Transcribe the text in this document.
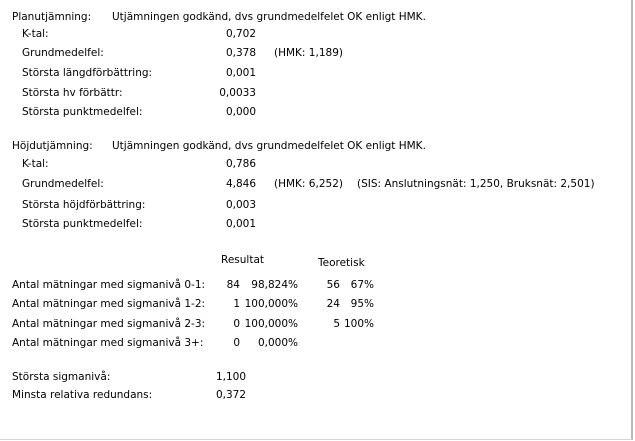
Planutjämning: Utjämningen godkänd, dvs grundmedelfelet OK enligt HMK.
K-tal:	0,702
Grundmedelfel:	0,378 (HMK: 1,189)
Största längdförbättring:	0,001
Största hv förbättr:	0,0033
Största punktmedelfel:	0,000
Höjdutjämning: Utjämningen godkänd, dvs grundmedelfelet OK enligt HMK.
K-tal:	0,786
Grundmedelfel:	4,846 (HMK: 6,252) (SIS: Anslutningsnät: 1,250, Bruksnät: 2,501)
Största höjdförbättring:	0,003
Största punktmedelfel:	0,001
Resultat	Teoretisk
Antal mätningar med sigmanivå 0-1:	84	98,824%	56	67%
Antal mätningar med sigmanivå 1-2:	1 100,000%	24	95%
Antal mätningar med sigmanivå 2-3:	0 100,000%	5 100%
Antal mätningar med sigmanivå 3+:	0	0,000%
Största sigmanivå:	1,100
Minsta relativa redundans:	0,372
